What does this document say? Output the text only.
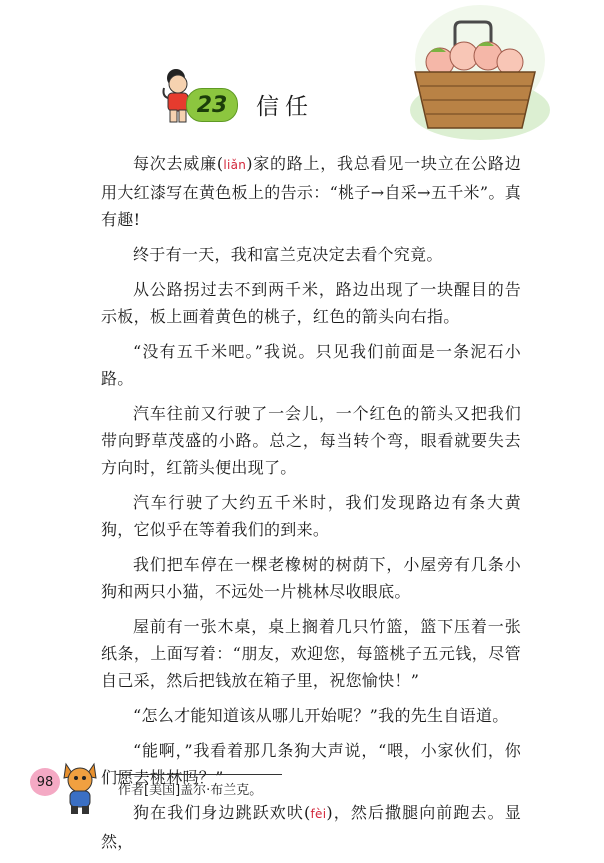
23 信任

每次去威廉(liǎn)家的路上，我总看见一块立在公路边用大红漆写在黄色板上的告示：“桃子→自采→五千米”。真有趣!

终于有一天，我和富兰克决定去看个究竟。

从公路拐过去不到两千米，路边出现了一块醒目的告示板，板上画着黄色的桃子，红色的箭头向右指。

“没有五千米吧。”我说。只见我们前面是一条泥石小路。

汽车往前又行驶了一会儿，一个红色的箭头又把我们带向野草茂盛的小路。总之，每当转个弯，眼看就要失去方向时，红箭头便出现了。

汽车行驶了大约五千米时，我们发现路边有条大黄狗，它似乎在等着我们的到来。

我们把车停在一棵老橡树的树荫下，小屋旁有几条小狗和两只小猫，不远处一片桃林尽收眼底。

屋前有一张木桌，桌上搁着几只竹篮，篮下压着一张纸条，上面写着：“朋友，欢迎您，每篮桃子五元钱，尽管自己采，然后把钱放在箱子里，祝您愉快！”

“怎么才能知道该从哪儿开始呢？”我的先生自语道。

“能啊，”我看着那几条狗大声说，“喂，小家伙们，你们愿去桃林吗？”

狗在我们身边跳跃欢吠(fèi)，然后撒腿向前跑去。显然，

98
作者[美国]盖尔·布兰克。
